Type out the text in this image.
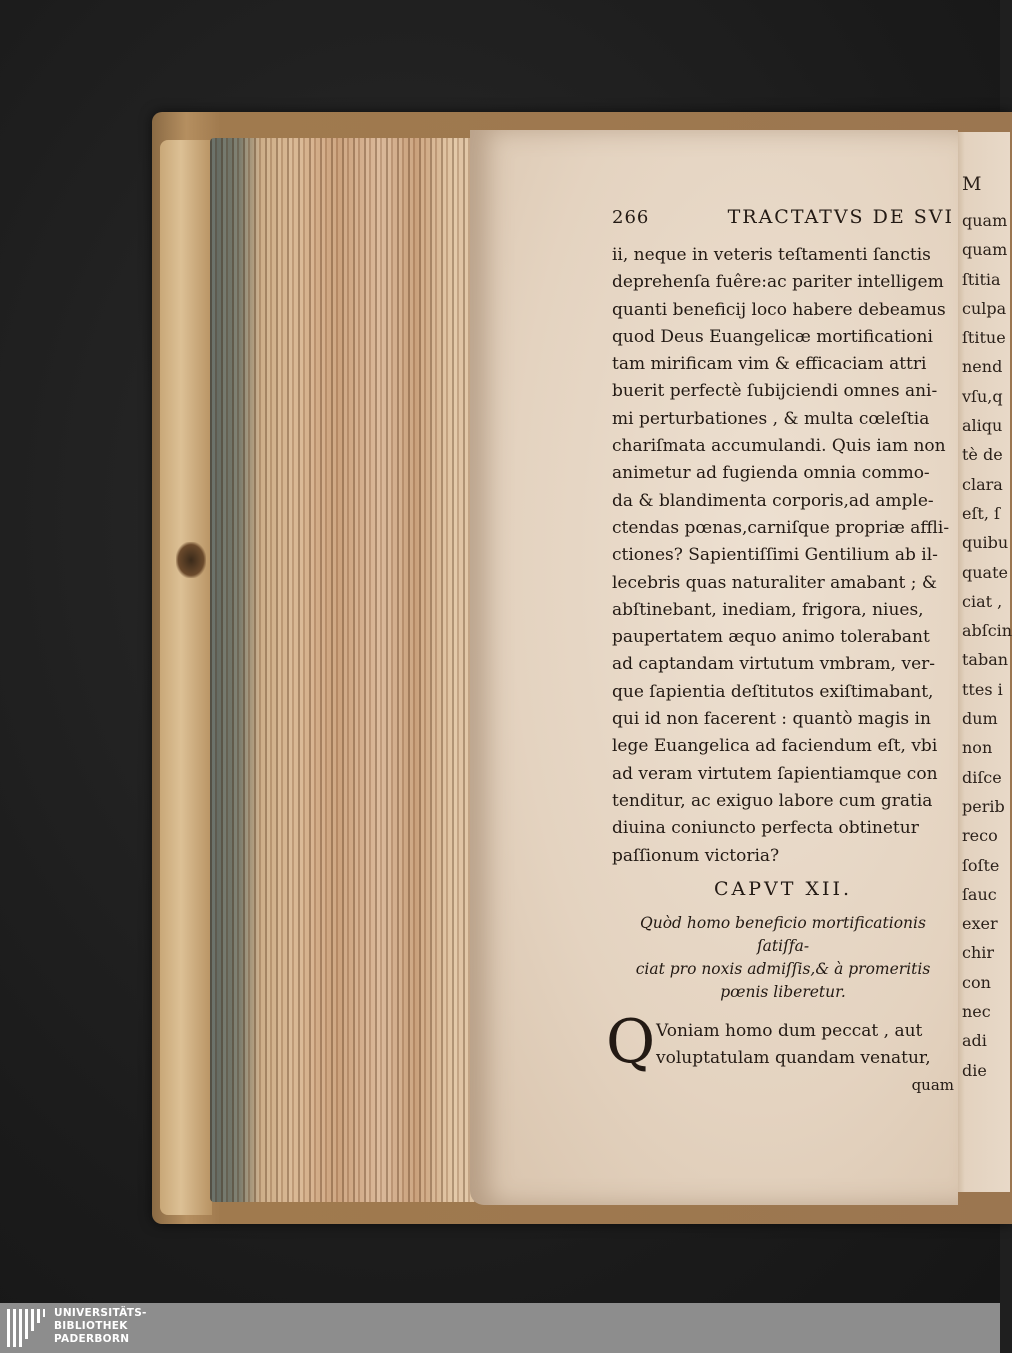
M
quam
quam
ſtitia
culpa
ſtitue
nend
vſu,q
aliqu
tè de
clara
eſt, ſ
quibu
quate
ciat ,
abſcin
taban
ttes i
dum
non
diſce
perib
reco
ſoſte
ſauc
exer
chir
con
nec
adi
die
266	TRACTATVS DE SVI
ii, neque in veteris teſtamenti ſanctis
deprehenſa fuêre:ac pariter intelligem
quanti beneficij loco habere debeamus
quod Deus Euangelicæ mortificationi
tam mirificam vim & efficaciam attri
buerit perfectè ſubijciendi omnes ani-
mi perturbationes , & multa cœleſtia
chariſmata accumulandi. Quis iam non
animetur ad fugienda omnia commo-
da & blandimenta corporis,ad ample-
ctendas pœnas,carniſque propriæ affli-
ctiones? Sapientiſſimi Gentilium ab il-
lecebris quas naturaliter amabant ; &
abſtinebant, inediam, frigora, niues,
paupertatem æquo animo tolerabant
ad captandam virtutum vmbram, ver-
que ſapientia deſtitutos exiſtimabant,
qui id non facerent : quantò magis in
lege Euangelica ad faciendum eſt, vbi
ad veram virtutem ſapientiamque con
tenditur, ac exiguo labore cum gratia
diuina coniuncto perfecta obtinetur
paſſionum victoria?
CAPVT XII.
Quòd homo beneficio mortificationis ſatiſfa-
ciat pro noxis admiſſis,& à promeritis
pœnis liberetur.
Q Voniam homo dum peccat , aut
voluptatulam quandam venatur,
quam
UNIVERSITÄTS-
BIBLIOTHEK
PADERBORN
